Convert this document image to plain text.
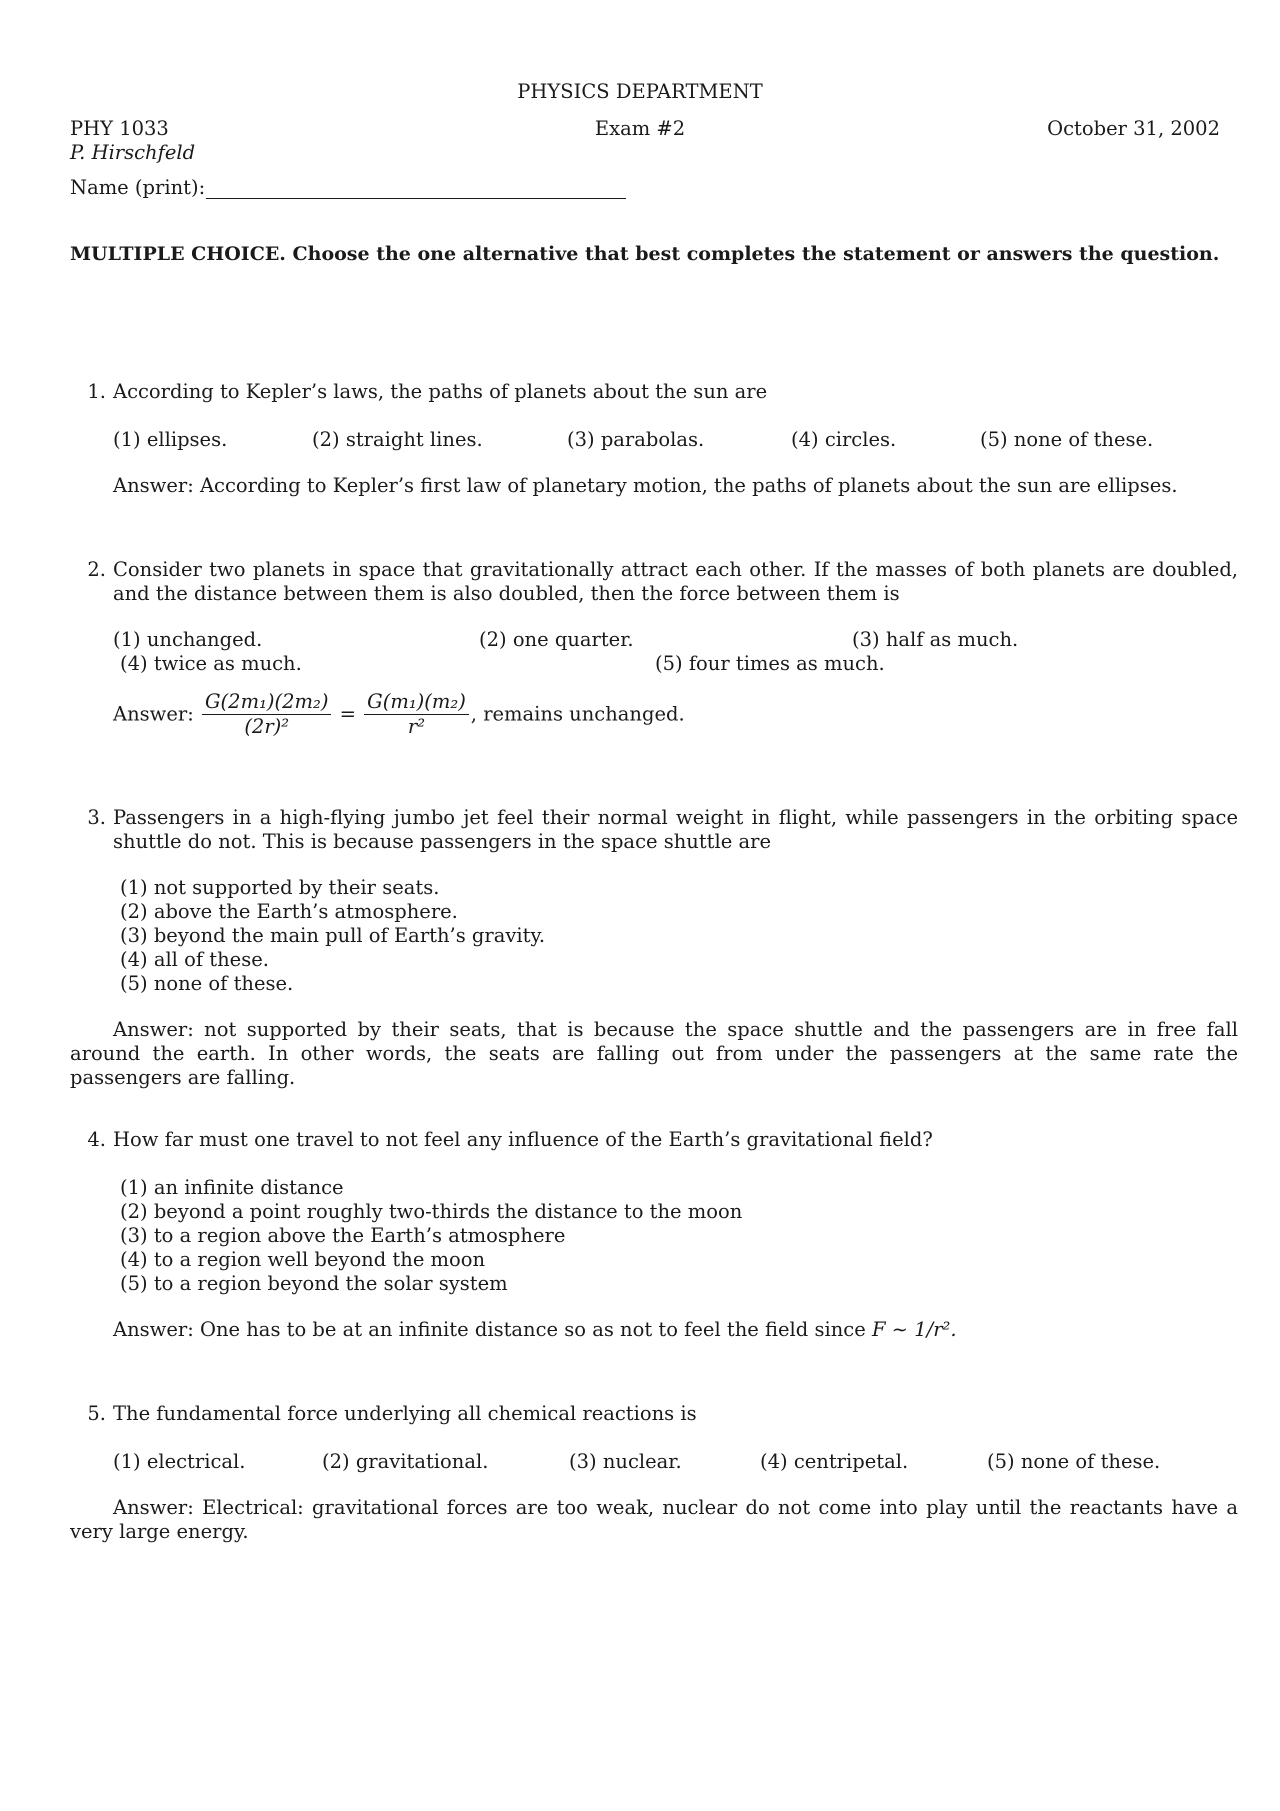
PHYSICS DEPARTMENT
PHY 1033	Exam #2	October 31, 2002
P. Hirschfeld
Name (print):
MULTIPLE CHOICE. Choose the one alternative that best completes the statement or answers the question.
1. According to Kepler’s laws, the paths of planets about the sun are
(1) ellipses.	(2) straight lines.	(3) parabolas.	(4) circles.	(5) none of these.
Answer: According to Kepler’s first law of planetary motion, the paths of planets about the sun are ellipses.
2. Consider two planets in space that gravitationally attract each other. If the masses of both planets are doubled, and the distance between them is also doubled, then the force between them is
(1) unchanged.	(2) one quarter.	(3) half as much.
(4) twice as much.	(5) four times as much.
Answer: $\frac{\text{G(2m₁)(2m₂)}}{\text{(2r)²}} = \frac{\text{G(m₁)(m₂)}}{\text{r²}}$ , remains unchanged.
3. Passengers in a high-flying jumbo jet feel their normal weight in flight, while passengers in the orbiting space shuttle do not. This is because passengers in the space shuttle are
(1) not supported by their seats.
(2) above the Earth’s atmosphere.
(3) beyond the main pull of Earth’s gravity.
(4) all of these.
(5) none of these.
Answer: not supported by their seats, that is because the space shuttle and the passengers are in free fall around the earth. In other words, the seats are falling out from under the passengers at the same rate the passengers are falling.
4. How far must one travel to not feel any influence of the Earth’s gravitational field?
(1) an infinite distance
(2) beyond a point roughly two-thirds the distance to the moon
(3) to a region above the Earth’s atmosphere
(4) to a region well beyond the moon
(5) to a region beyond the solar system
Answer: One has to be at an infinite distance so as not to feel the field since F ∼ 1/r².
5. The fundamental force underlying all chemical reactions is
(1) electrical.	(2) gravitational.	(3) nuclear.	(4) centripetal.	(5) none of these.
Answer: Electrical: gravitational forces are too weak, nuclear do not come into play until the reactants have a very large energy.
